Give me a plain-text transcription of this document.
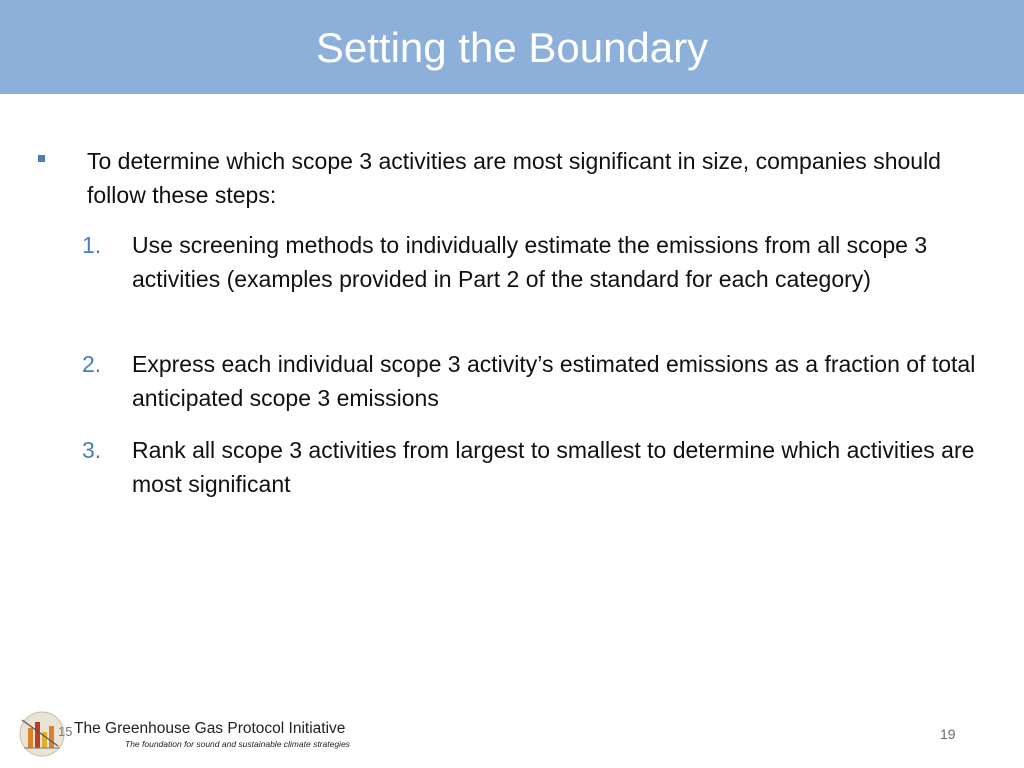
Setting the Boundary

To determine which scope 3 activities are most significant in size, companies should follow these steps:

1. Use screening methods to individually estimate the emissions from all scope 3 activities (examples provided in Part 2 of the standard for each category)

2. Express each individual scope 3 activity’s estimated emissions as a fraction of total anticipated scope 3 emissions

3. Rank all scope 3 activities from largest to smallest to determine which activities are most significant

15 The Greenhouse Gas Protocol Initiative
The foundation for sound and sustainable climate strategies
19
